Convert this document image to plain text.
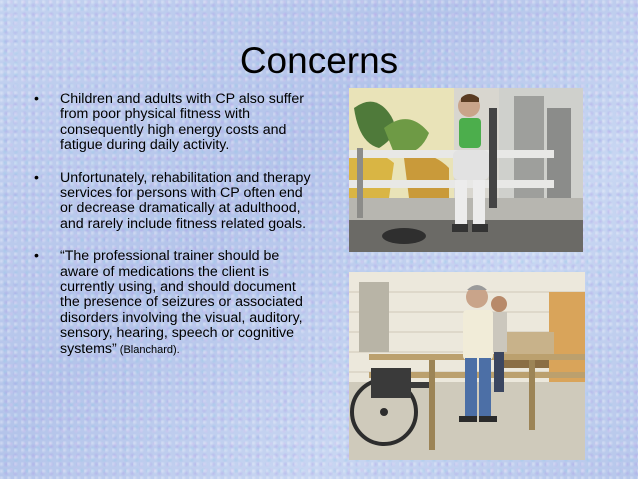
Concerns
• Children and adults with CP also suffer from poor physical fitness with consequently high energy costs and fatigue during daily activity.
• Unfortunately, rehabilitation and therapy services for persons with CP often end or decrease dramatically at adulthood, and rarely include fitness related goals.
• “The professional trainer should be aware of medications the client is currently using, and should document the presence of seizures or associated disorders involving the visual, auditory, sensory, hearing, speech or cognitive systems” (Blanchard).
